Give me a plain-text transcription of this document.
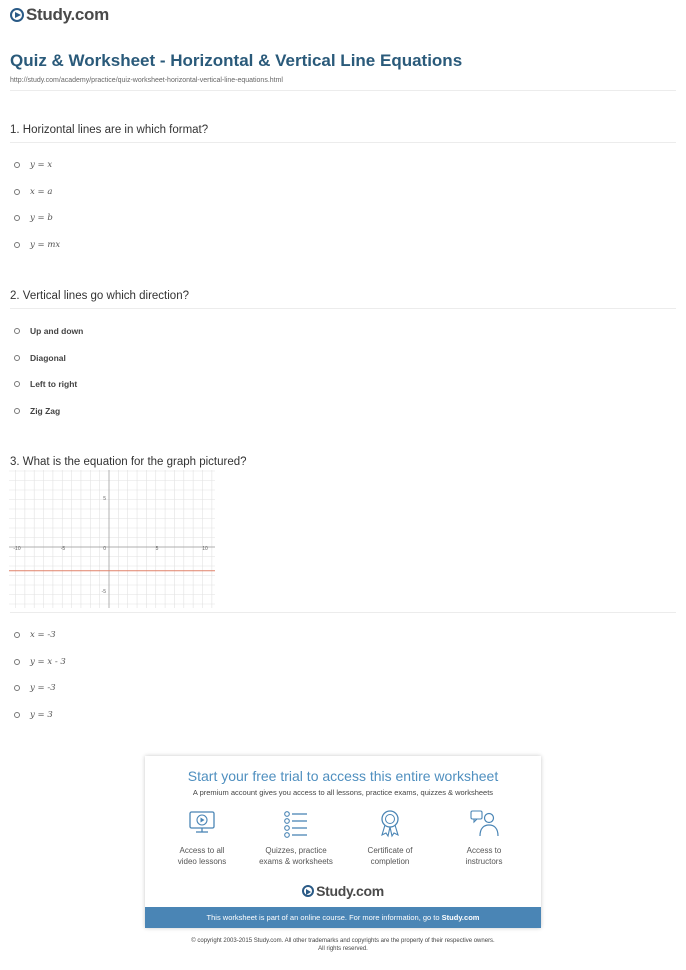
Study.com
Quiz & Worksheet - Horizontal & Vertical Line Equations
http://study.com/academy/practice/quiz-worksheet-horizontal-vertical-line-equations.html
1. Horizontal lines are in which format?
y = x
x = a
y = b
y = mx
2. Vertical lines go which direction?
Up and down
Diagonal
Left to right
Zig Zag
3. What is the equation for the graph pictured?
-10	-5	0	5	10
5
-5
x = -3
y = x - 3
y = -3
y = 3
Start your free trial to access this entire worksheet
A premium account gives you access to all lessons, practice exams, quizzes & worksheets
Access to all
video lessons
Quizzes, practice
exams & worksheets
Certificate of
completion
Access to
instructors
Study.com
This worksheet is part of an online course. For more information, go to Study.com
© copyright 2003-2015 Study.com. All other trademarks and copyrights are the property of their respective owners.
All rights reserved.
